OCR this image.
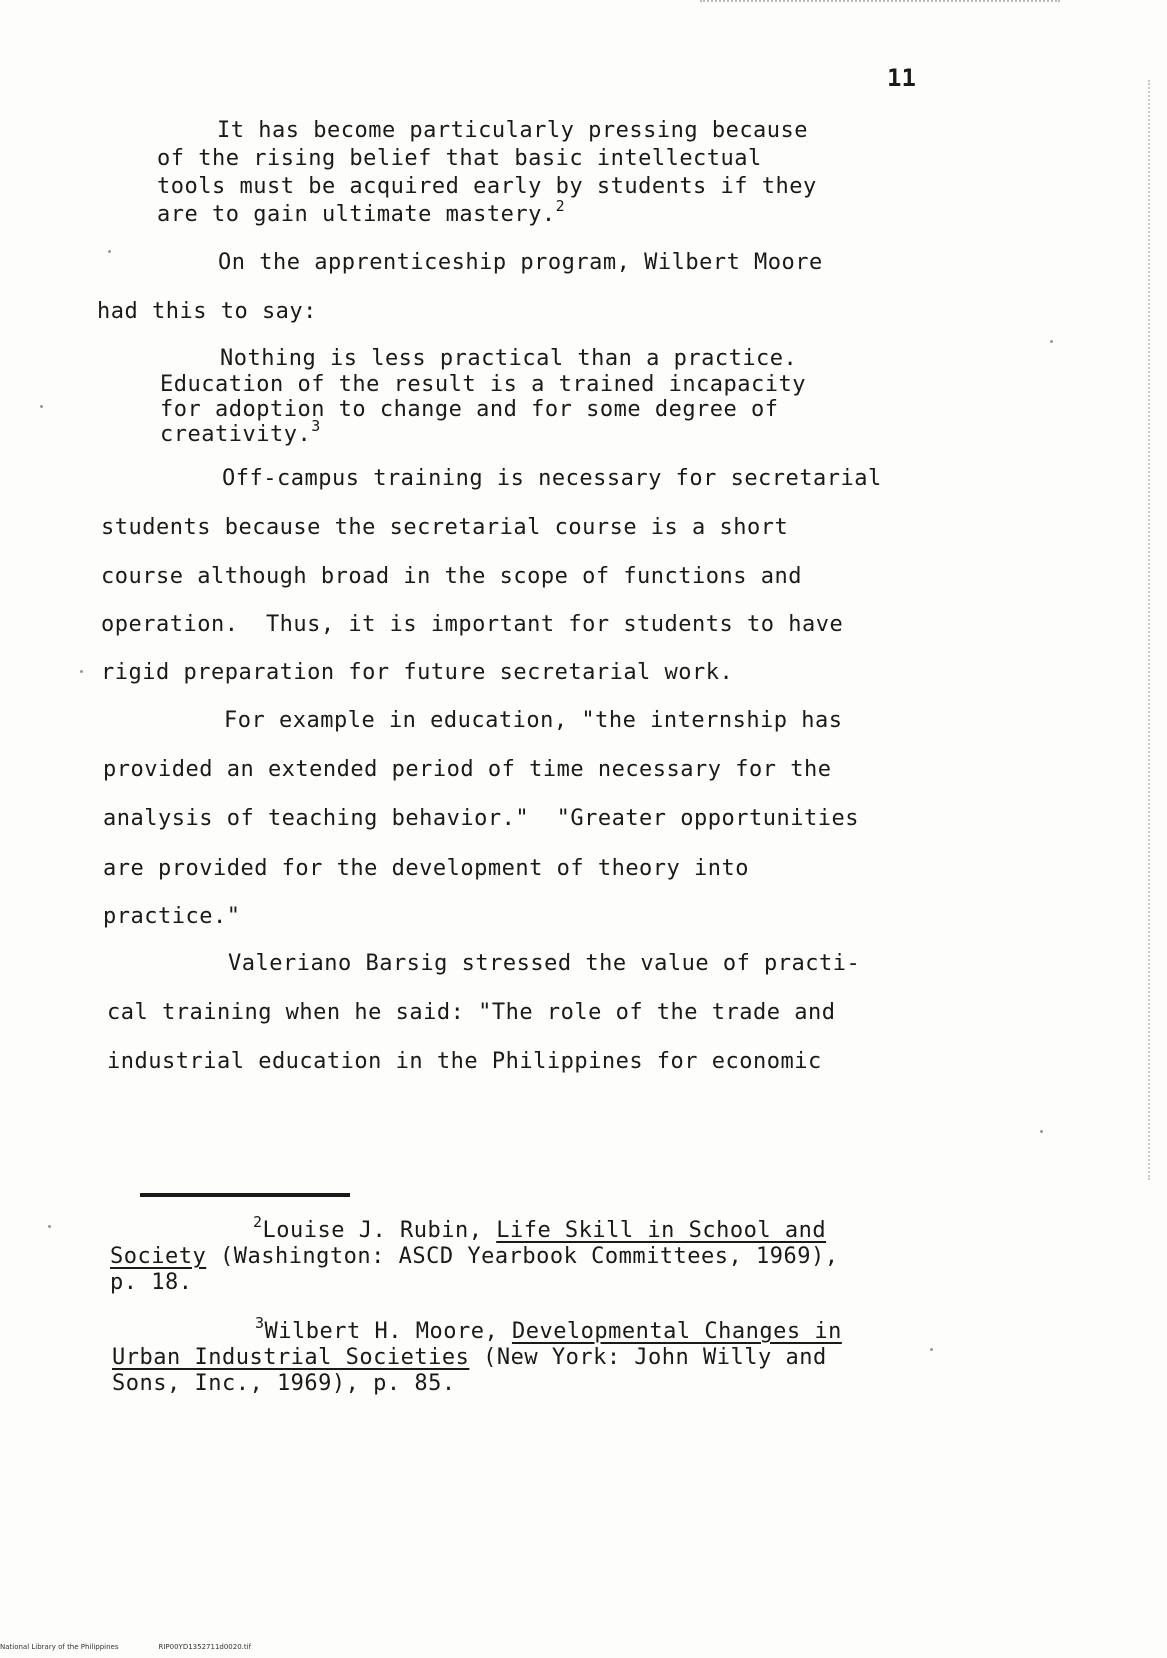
11
It has become particularly pressing because
of the rising belief that basic intellectual
tools must be acquired early by students if they
are to gain ultimate mastery.$^2$
On the apprenticeship program, Wilbert Moore
had this to say:
Nothing is less practical than a practice.
Education of the result is a trained incapacity
for adoption to change and for some degree of
creativity.$^3$
Off-campus training is necessary for secretarial
students because the secretarial course is a short
course although broad in the scope of functions and
operation.  Thus, it is important for students to have
rigid preparation for future secretarial work.
For example in education, "the internship has
provided an extended period of time necessary for the
analysis of teaching behavior."  "Greater opportunities
are provided for the development of theory into
practice."
Valeriano Barsig stressed the value of practi-
cal training when he said: "The role of the trade and
industrial education in the Philippines for economic
$^2$Louise J. Rubin, Life Skill in School and
Society (Washington: ASCD Yearbook Committees, 1969),
p. 18.
$^3$Wilbert H. Moore, Developmental Changes in
Urban Industrial Societies (New York: John Willy and
Sons, Inc., 1969), p. 85.
National Library of the Philippines	RIP00YD1352711d0020.tif
